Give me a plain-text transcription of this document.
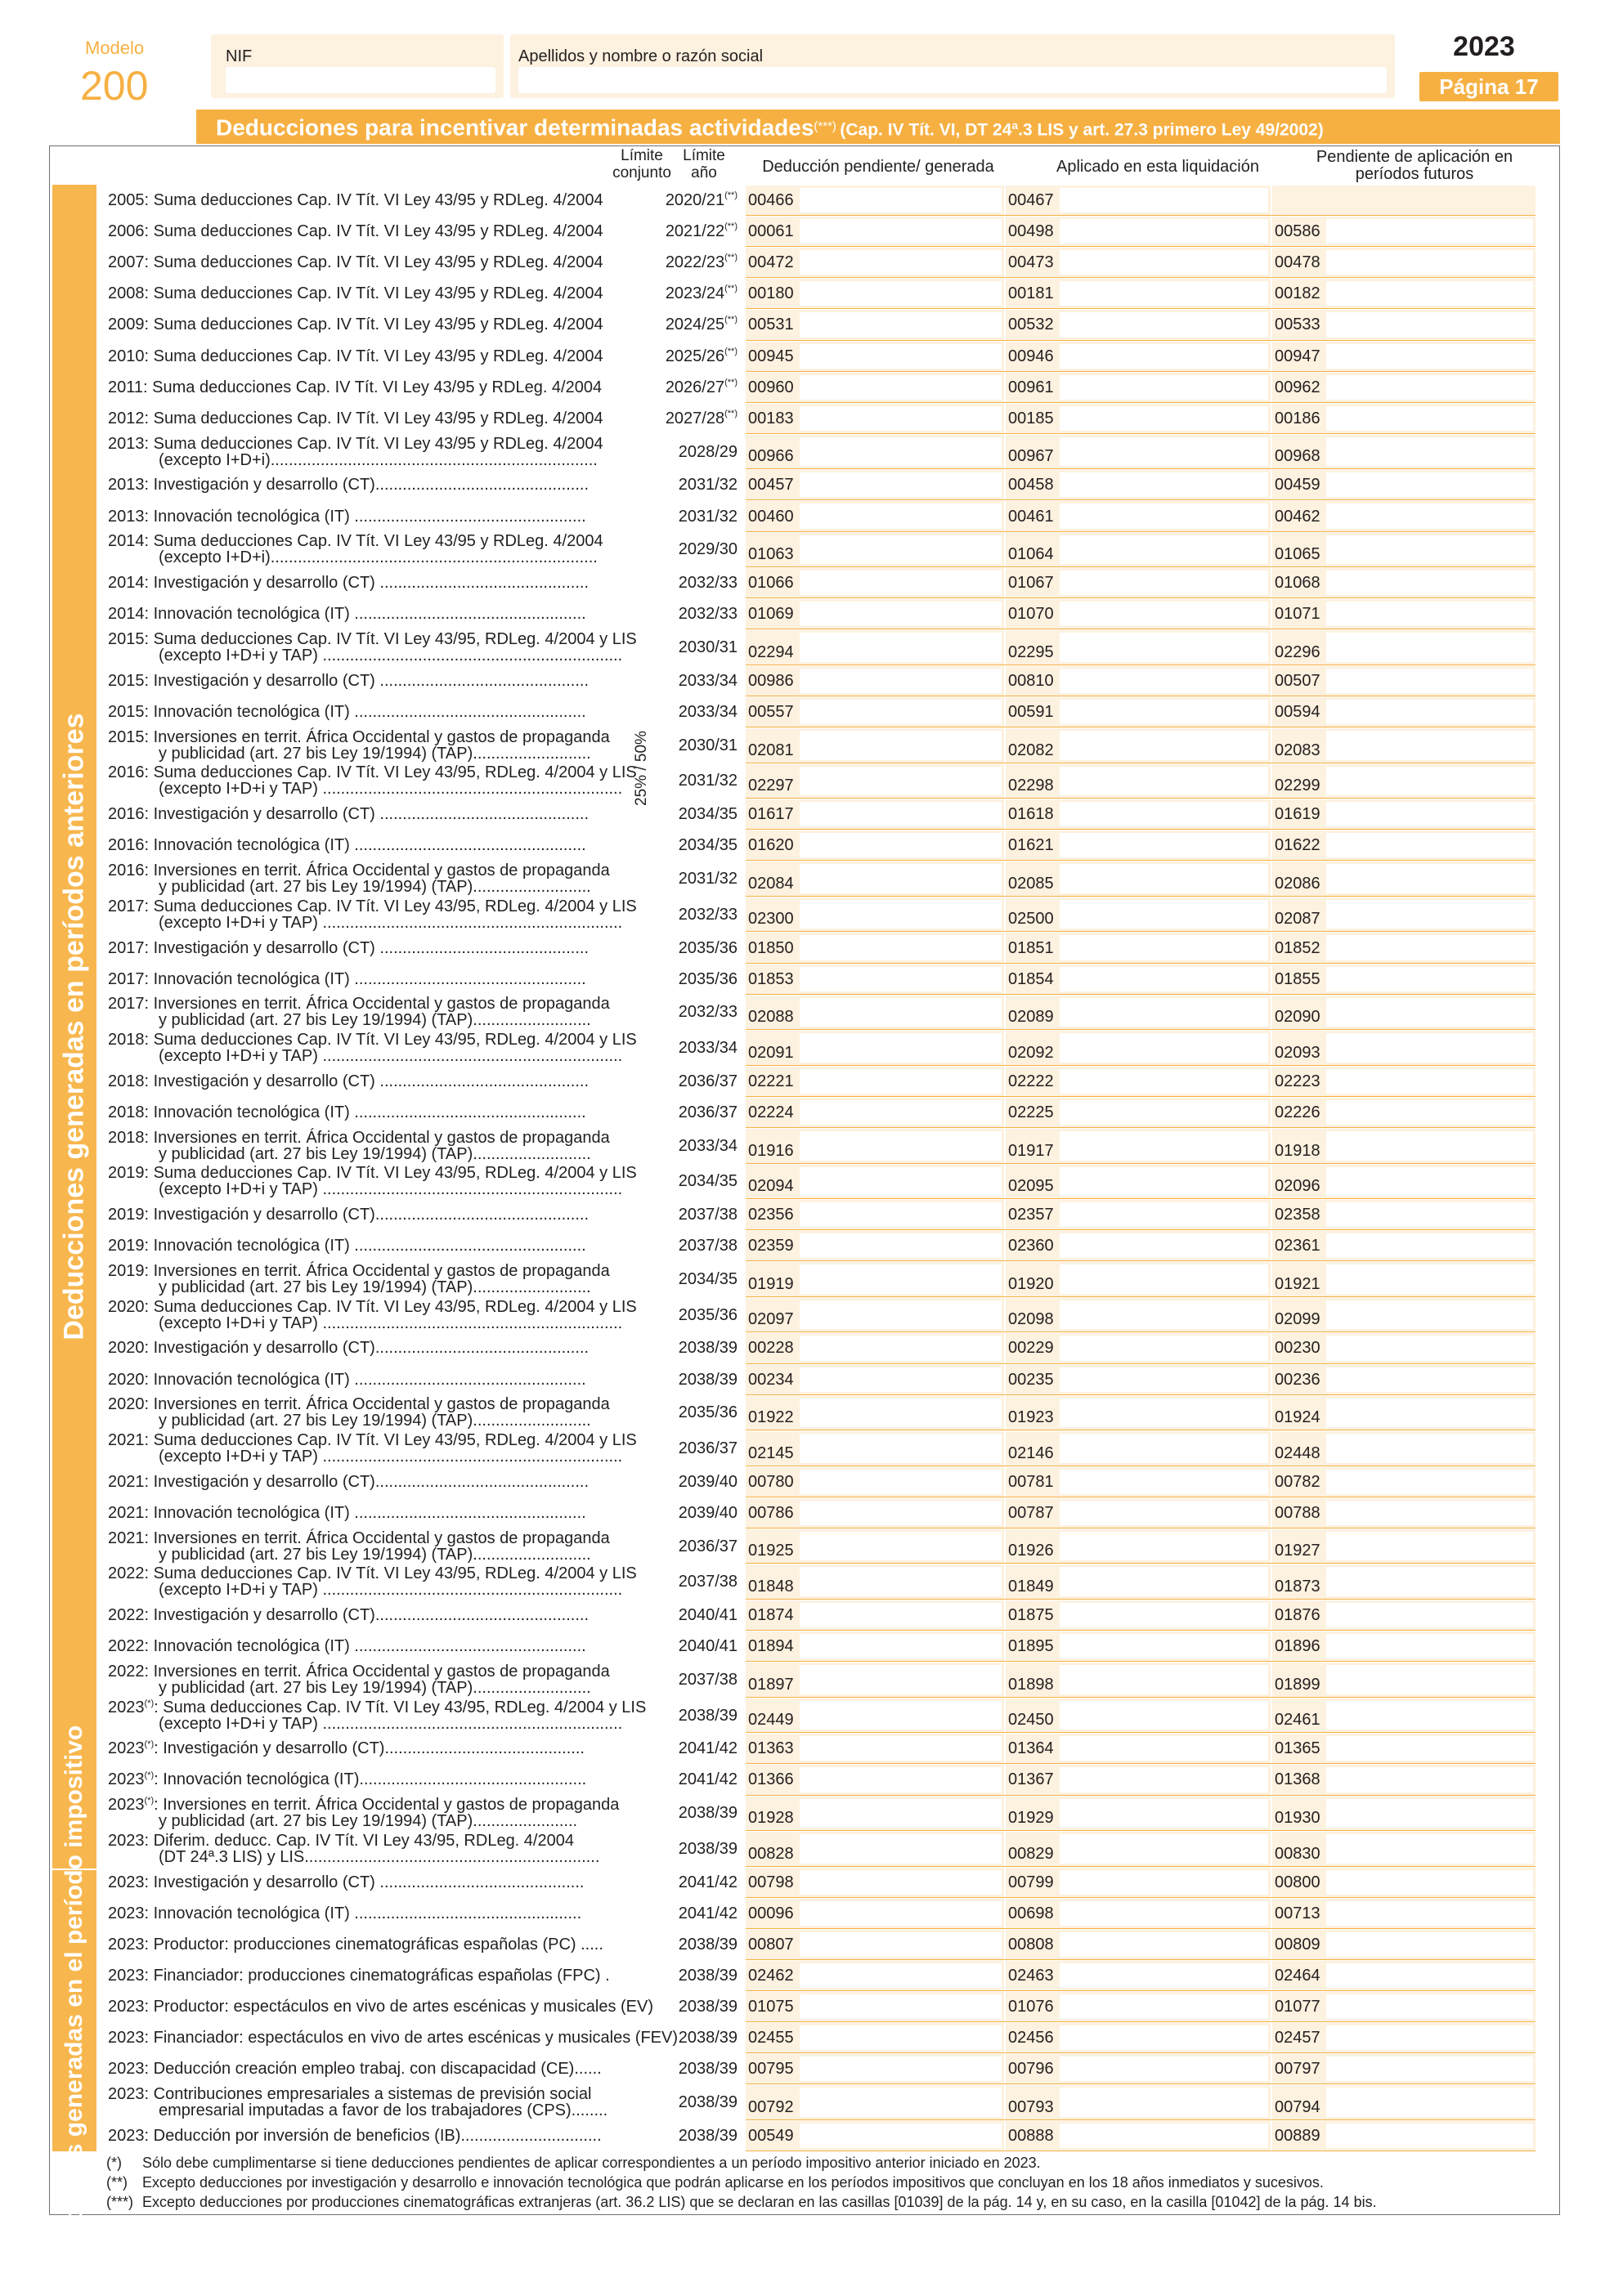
Modelo
200
NIF	Apellidos y nombre o razón social	2023
Página 17
Deducciones para incentivar determinadas actividades(***) (Cap. IV Tít. VI, DT 24ª.3 LIS y art. 27.3 primero Ley 49/2002)
Deducciones generadas en períodos anteriores
Deducciones generadas en el período impositivo
Límite conjunto
Límite año	Deducción pendiente/ generada	Aplicado en esta liquidación
Pendiente de aplicación en períodos futuros
25% / 50%
2005: Suma deducciones Cap. IV Tít. VI Ley 43/95 y RDLeg. 4/2004	2020/21(**) 00466	00467
2006: Suma deducciones Cap. IV Tít. VI Ley 43/95 y RDLeg. 4/2004	2021/22(**) 00061	00498	00586
2007: Suma deducciones Cap. IV Tít. VI Ley 43/95 y RDLeg. 4/2004	2022/23(**) 00472	00473	00478
2008: Suma deducciones Cap. IV Tít. VI Ley 43/95 y RDLeg. 4/2004	2023/24(**) 00180	00181	00182
2009: Suma deducciones Cap. IV Tít. VI Ley 43/95 y RDLeg. 4/2004	2024/25(**) 00531	00532	00533
2010: Suma deducciones Cap. IV Tít. VI Ley 43/95 y RDLeg. 4/2004	2025/26(**) 00945	00946	00947
2011: Suma deducciones Cap. IV Tít. VI Ley 43/95 y RDLeg. 4/2004	2026/27(**) 00960	00961	00962
2012: Suma deducciones Cap. IV Tít. VI Ley 43/95 y RDLeg. 4/2004	2027/28(**) 00183	00185	00186
2013: Suma deducciones Cap. IV Tít. VI Ley 43/95 y RDLeg. 4/2004
(excepto I+D+i)........................................................................	2028/29 00966	00967	00968
2013: Investigación y desarrollo (CT)...............................................	2031/32 00457	00458	00459
2013: Innovación tecnológica (IT) ...................................................	2031/32 00460	00461	00462
2014: Suma deducciones Cap. IV Tít. VI Ley 43/95 y RDLeg. 4/2004
(excepto I+D+i)........................................................................	2029/30 01063	01064	01065
2014: Investigación y desarrollo (CT) ..............................................	2032/33 01066	01067	01068
2014: Innovación tecnológica (IT) ...................................................	2032/33 01069	01070	01071
2015: Suma deducciones Cap. IV Tít. VI Ley 43/95, RDLeg. 4/2004 y LIS
(excepto I+D+i y TAP) ..................................................................	2030/31 02294	02295	02296
2015: Investigación y desarrollo (CT) ..............................................	2033/34 00986	00810	00507
2015: Innovación tecnológica (IT) ...................................................	2033/34 00557	00591	00594
2015: Inversiones en territ. África Occidental y gastos de propaganda
y publicidad (art. 27 bis Ley 19/1994) (TAP)..........................	2030/31 02081	02082	02083
2016: Suma deducciones Cap. IV Tít. VI Ley 43/95, RDLeg. 4/2004 y LIS
(excepto I+D+i y TAP) ..................................................................	2031/32 02297	02298	02299
2016: Investigación y desarrollo (CT) ..............................................	2034/35 01617	01618	01619
2016: Innovación tecnológica (IT) ...................................................	2034/35 01620	01621	01622
2016: Inversiones en territ. África Occidental y gastos de propaganda
y publicidad (art. 27 bis Ley 19/1994) (TAP)..........................	2031/32 02084	02085	02086
2017: Suma deducciones Cap. IV Tít. VI Ley 43/95, RDLeg. 4/2004 y LIS
(excepto I+D+i y TAP) ..................................................................	2032/33 02300	02500	02087
2017: Investigación y desarrollo (CT) ..............................................	2035/36 01850	01851	01852
2017: Innovación tecnológica (IT) ...................................................	2035/36 01853	01854	01855
2017: Inversiones en territ. África Occidental y gastos de propaganda
y publicidad (art. 27 bis Ley 19/1994) (TAP)..........................	2032/33 02088	02089	02090
2018: Suma deducciones Cap. IV Tít. VI Ley 43/95, RDLeg. 4/2004 y LIS
(excepto I+D+i y TAP) ..................................................................	2033/34 02091	02092	02093
2018: Investigación y desarrollo (CT) ..............................................	2036/37 02221	02222	02223
2018: Innovación tecnológica (IT) ...................................................	2036/37 02224	02225	02226
2018: Inversiones en territ. África Occidental y gastos de propaganda
y publicidad (art. 27 bis Ley 19/1994) (TAP)..........................	2033/34 01916	01917	01918
2019: Suma deducciones Cap. IV Tít. VI Ley 43/95, RDLeg. 4/2004 y LIS
(excepto I+D+i y TAP) ..................................................................	2034/35 02094	02095	02096
2019: Investigación y desarrollo (CT)...............................................	2037/38 02356	02357	02358
2019: Innovación tecnológica (IT) ...................................................	2037/38 02359	02360	02361
2019: Inversiones en territ. África Occidental y gastos de propaganda
y publicidad (art. 27 bis Ley 19/1994) (TAP)..........................	2034/35 01919	01920	01921
2020: Suma deducciones Cap. IV Tít. VI Ley 43/95, RDLeg. 4/2004 y LIS
(excepto I+D+i y TAP) ..................................................................	2035/36 02097	02098	02099
2020: Investigación y desarrollo (CT)...............................................	2038/39 00228	00229	00230
2020: Innovación tecnológica (IT) ...................................................	2038/39 00234	00235	00236
2020: Inversiones en territ. África Occidental y gastos de propaganda
y publicidad (art. 27 bis Ley 19/1994) (TAP)..........................	2035/36 01922	01923	01924
2021: Suma deducciones Cap. IV Tít. VI Ley 43/95, RDLeg. 4/2004 y LIS
(excepto I+D+i y TAP) ..................................................................	2036/37 02145	02146	02448
2021: Investigación y desarrollo (CT)...............................................	2039/40 00780	00781	00782
2021: Innovación tecnológica (IT) ...................................................	2039/40 00786	00787	00788
2021: Inversiones en territ. África Occidental y gastos de propaganda
y publicidad (art. 27 bis Ley 19/1994) (TAP)..........................	2036/37 01925	01926	01927
2022: Suma deducciones Cap. IV Tít. VI Ley 43/95, RDLeg. 4/2004 y LIS
(excepto I+D+i y TAP) ..................................................................	2037/38 01848	01849	01873
2022: Investigación y desarrollo (CT)...............................................	2040/41 01874	01875	01876
2022: Innovación tecnológica (IT) ...................................................	2040/41 01894	01895	01896
2022: Inversiones en territ. África Occidental y gastos de propaganda
y publicidad (art. 27 bis Ley 19/1994) (TAP)..........................	2037/38 01897	01898	01899
2023(*): Suma deducciones Cap. IV Tít. VI Ley 43/95, RDLeg. 4/2004 y LIS
(excepto I+D+i y TAP) ..................................................................	2038/39 02449	02450	02461
2023(*): Investigación y desarrollo (CT)............................................	2041/42 01363	01364	01365
2023(*): Innovación tecnológica (IT)..................................................	2041/42 01366	01367	01368
2023(*): Inversiones en territ. África Occidental y gastos de propaganda
y publicidad (art. 27 bis Ley 19/1994) (TAP).......................	2038/39 01928	01929	01930
2023: Diferim. deducc. Cap. IV Tít. VI Ley 43/95, RDLeg. 4/2004
(DT 24ª.3 LIS) y LIS.................................................................	2038/39 00828	00829	00830
2023: Investigación y desarrollo (CT) .............................................	2041/42 00798	00799	00800
2023: Innovación tecnológica (IT) ..................................................	2041/42 00096	00698	00713
2023: Productor: producciones cinematográficas españolas (PC) .....	2038/39 00807	00808	00809
2023: Financiador: producciones cinematográficas españolas (FPC) .	2038/39 02462	02463	02464
2023: Productor: espectáculos en vivo de artes escénicas y musicales (EV)	2038/39 01075	01076	01077
2023: Financiador: espectáculos en vivo de artes escénicas y musicales (FEV) 2038/39 02455	02456	02457
2023: Deducción creación empleo trabaj. con discapacidad (CE)......	2038/39 00795	00796	00797
2023: Contribuciones empresariales a sistemas de previsión social
empresarial imputadas a favor de los trabajadores (CPS)........	2038/39 00792	00793	00794
2023: Deducción por inversión de beneficios (IB)...............................	2038/39 00549	00888	00889
(*) Sólo debe cumplimentarse si tiene deducciones pendientes de aplicar correspondientes a un período impositivo anterior iniciado en 2023.
(**) Excepto deducciones por investigación y desarrollo e innovación tecnológica que podrán aplicarse en los períodos impositivos que concluyan en los 18 años inmediatos y sucesivos.
(***) Excepto deducciones por producciones cinematográficas extranjeras (art. 36.2 LIS) que se declaran en las casillas [01039] de la pág. 14 y, en su caso, en la casilla [01042] de la pág. 14 bis.
